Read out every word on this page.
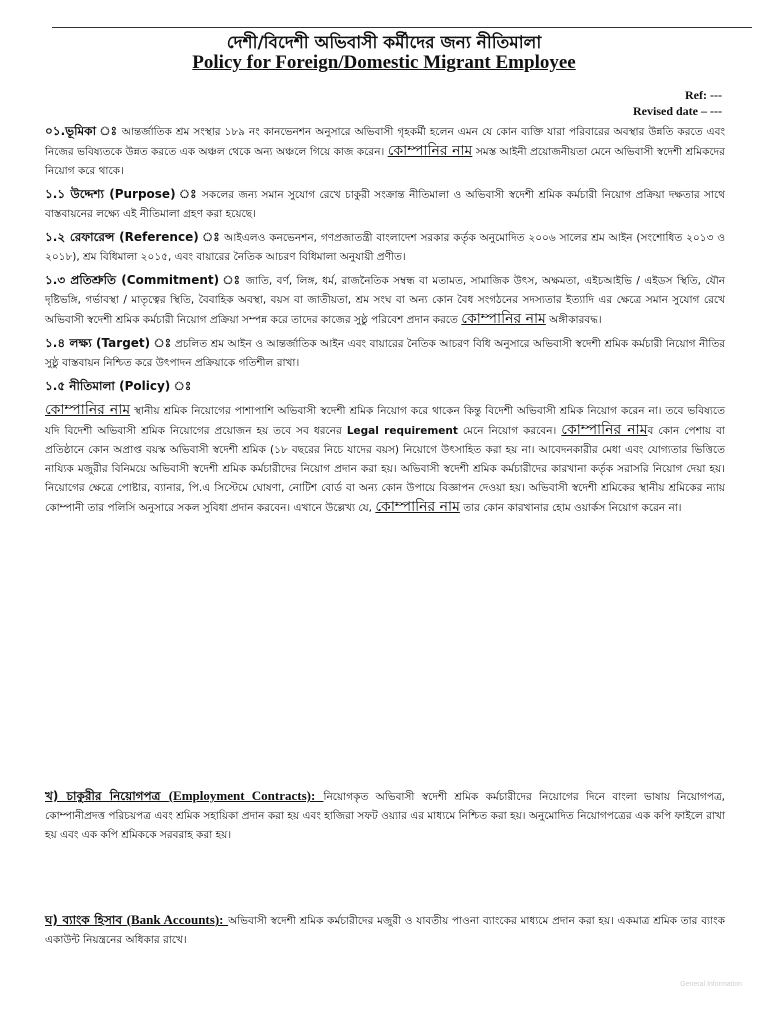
দেশী/বিদেশী অভিবাসী কর্মীদের জন্য নীতিমালা
Policy for Foreign/Domestic Migrant Employee
Ref: ---
Revised date – ---

০১.ভূমিকা ঃ আন্তর্জাতিক শ্রম সংস্থার ১৮৯ নং কানভেনশন অনুসারে অভিবাসী গৃহকর্মী হলেন এমন যে কোন ব্যক্তি যারা পরিবারের অবস্থার উন্নতি করতে এবং নিজের ভবিষ্যতকে উন্নত করতে এক অঞ্চল থেকে অন্য অঞ্চলে গিয়ে কাজ করেন। কোম্পানির নাম সমস্ত আইনী প্রয়োজনীয়তা মেনে অভিবাসী স্বদেশী শ্রমিকদের নিয়োগ করে থাকে।

১.১ উদ্দেশ্য (Purpose) ঃ সকলের জন্য সমান সুযোগ রেখে চাকুরী সংক্রান্ত নীতিমালা ও অভিবাসী স্বদেশী শ্রমিক কর্মচারী নিয়োগ প্রক্রিয়া দক্ষতার সাথে বাস্তবায়নের লক্ষ্যে এই নীতিমালা গ্রহণ করা হয়েছে।

১.২ রেফারেন্স (Reference) ঃ আইএলও কনভেনশন, গণপ্রজাতন্ত্রী বাংলাদেশ সরকার কর্তৃক অনুমোদিত ২০০৬ সালের শ্রম আইন (সংশোধিত ২০১৩ ও ২০১৮), শ্রম বিধিমালা ২০১৫, এবং বায়ারের নৈতিক আচরণ বিধিমালা অনুযায়ী প্রণীত।

১.৩ প্রতিশ্রুতি (Commitment) ঃ জাতি, বর্ণ, লিঙ্গ, ধর্ম, রাজনৈতিক সম্বন্ধ বা মতামত, সামাজিক উৎস, অক্ষমতা, এইচআইভি / এইডস স্থিতি, যৌন দৃষ্টিভঙ্গি, গর্ভাবস্থা / মাতৃত্বের স্থিতি, বৈবাহিক অবস্থা, বয়স বা জাতীয়তা, শ্রম সংঘ বা অন্য কোন বৈধ সংগঠনের সদস্যতার ইত্যাদি এর ক্ষেত্রে সমান সুযোগ রেখে অভিবাসী স্বদেশী শ্রমিক কর্মচারী নিয়োগ প্রক্রিয়া সম্পন্ন করে তাদের কাজের সুষ্ঠু পরিবেশ প্রদান করতে কোম্পানির নাম অঙ্গীকারবদ্ধ।

১.৪ লক্ষ্য (Target) ঃ প্রচলিত শ্রম আইন ও আন্তর্জাতিক আইন এবং বায়ারের নৈতিক আচরণ বিধি অনুসারে অভিবাসী স্বদেশী শ্রমিক কর্মচারী নিয়োগ নীতির সুষ্ঠু বাস্তবায়ন নিশ্চিত করে উৎপাদন প্রক্রিয়াকে গতিশীল রাখা।

১.৫ নীতিমালা (Policy) ঃ

কোম্পানির নাম স্থানীয় শ্রমিক নিয়োগের পাশাপাশি অভিবাসী স্বদেশী শ্রমিক নিয়োগ করে থাকেন কিন্তু বিদেশী অভিবাসী শ্রমিক নিয়োগ করেন না। তবে ভবিষ্যতে যদি বিদেশী অভিবাসী শ্রমিক নিয়োগের প্রয়োজন হয় তবে সব ধরনের Legal requirement মেনে নিয়োগ করবেন। কোম্পানির নামব কোন পেশায় বা প্রতিষ্ঠানে কোন অপ্রাপ্ত বয়স্ক অভিবাসী স্বদেশী শ্রমিক (১৮ বছরের নিচে যাদের বয়স) নিয়োগে উৎসাহিত করা হয় না। আবেদনকারীর মেধা এবং যোগ্যতার ভিত্তিতে নায্যিক মজুরীর বিনিময়ে অভিবাসী স্বদেশী শ্রমিক কর্মচারীদের নিয়োগ প্রদান করা হয়। অভিবাসী স্বদেশী শ্রমিক কর্মচারীদের কারখানা কর্তৃক সরাসরি নিয়োগ দেয়া হয়। নিয়োগের ক্ষেত্রে পোষ্টার, ব্যানার, পি.এ সিস্টেমে ঘোষণা, নোটিশ বোর্ড বা অন্য কোন উপায়ে বিজ্ঞাপন দেওয়া হয়। অভিবাসী স্বদেশী শ্রমিকের স্থানীয় শ্রমিকের ন্যায় কোম্পানী তার পলিসি অনুসারে সকল সুবিধা প্রদান করবেন। এখানে উল্লেখ্য যে, কোম্পানির নাম তার কোন কারখানার হোম ওয়ার্কস নিয়োগ করেন না।

খ) চাকুরীর নিয়োগপত্র (Employment Contracts): নিয়োগকৃত অভিবাসী স্বদেশী শ্রমিক কর্মচারীদের নিয়োগের দিনে বাংলা ভাষায় নিয়োগপত্র, কোম্পানীপ্রদত্ত পরিচয়পত্র এবং শ্রমিক সহায়িকা প্রদান করা হয় এবং হাজিরা সফট ওয়্যার এর মাধ্যমে নিশ্চিত করা হয়। অনুমোদিত নিয়োগপত্রের এক কপি ফাইলে রাখা হয় এবং এক কপি শ্রমিককে সরবরাহ করা হয়।
ঘ) ব্যাংক হিসাব (Bank Accounts): অভিবাসী স্বদেশী শ্রমিক কর্মচারীদের মজুরী ও যাবতীয় পাওনা ব্যাংকের মাধ্যমে প্রদান করা হয়। একমাত্র শ্রমিক তার ব্যাংক একাউন্ট নিয়ন্ত্রনের অধিকার রাখে।
General Information
